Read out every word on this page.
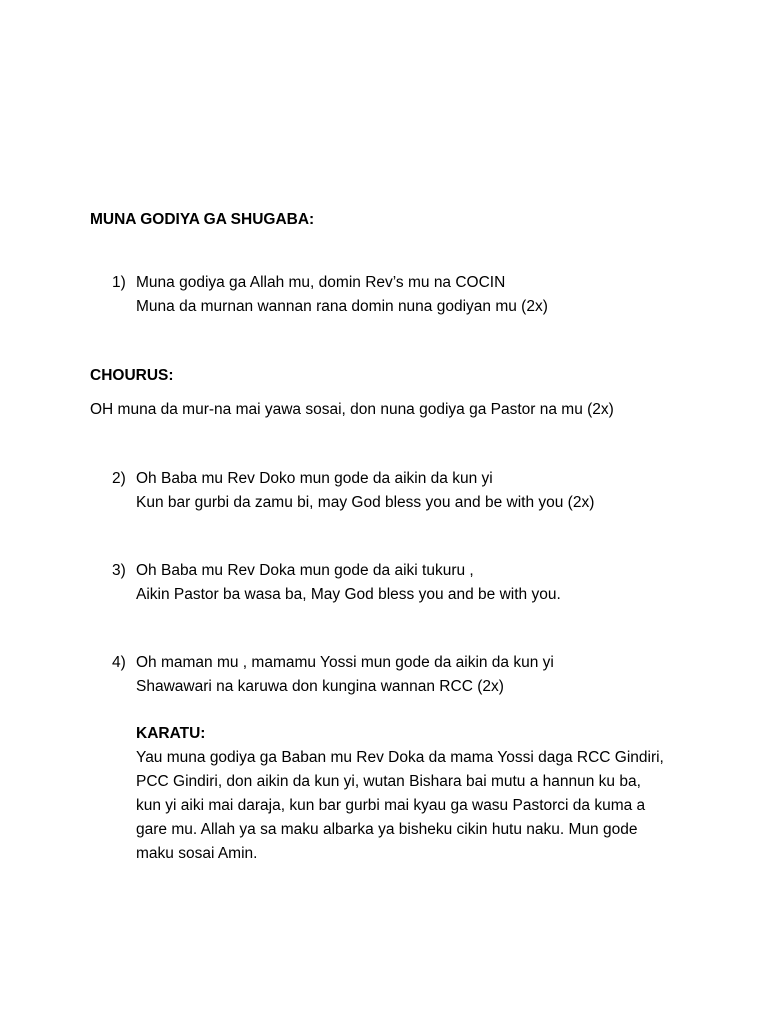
MUNA GODIYA GA SHUGABA:
1) Muna godiya ga Allah mu, domin Rev’s mu na COCIN
Muna da murnan wannan rana domin nuna godiyan mu (2x)
CHOURUS:
OH muna da mur-na mai yawa sosai, don nuna godiya ga Pastor na mu (2x)
2) Oh Baba mu Rev Doko mun gode da aikin da kun yi
Kun bar gurbi da zamu bi, may God bless you and be with you (2x)
3) Oh Baba mu Rev Doka mun gode da aiki tukuru ,
Aikin Pastor ba wasa ba, May God bless you and be with you.
4) Oh maman mu , mamamu Yossi mun gode da aikin da kun yi
Shawawari na karuwa don kungina wannan RCC (2x)
KARATU:
Yau muna godiya ga Baban mu Rev Doka da mama Yossi daga RCC Gindiri,
PCC Gindiri, don aikin da kun yi, wutan Bishara bai mutu a hannun ku ba,
kun yi aiki mai daraja, kun bar gurbi mai kyau ga wasu Pastorci da kuma a
gare mu. Allah ya sa maku albarka ya bisheku cikin hutu naku. Mun gode
maku sosai Amin.
